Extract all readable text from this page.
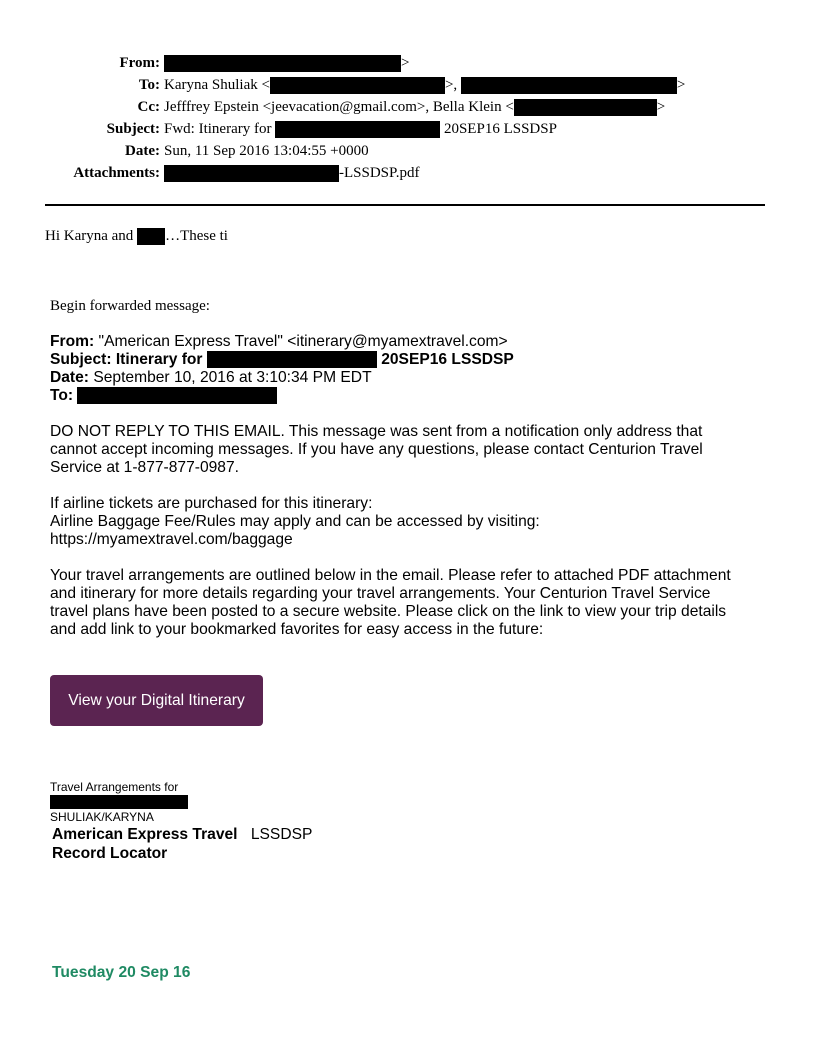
From:	>
To: Karyna Shuliak <	>,	>
Cc: Jefffrey Epstein <jeevacation@gmail.com>, Bella Klein <	>
Subject: Fwd: Itinerary for	20SEP16 LSSDSP
Date: Sun, 11 Sep 2016 13:04:55 +0000
Attachments:	-LSSDSP.pdf
Hi Karyna and …These ti
Begin forwarded message:
From: "American Express Travel" <itinerary@myamextravel.com>
Subject: Itinerary for	20SEP16 LSSDSP
Date: September 10, 2016 at 3:10:34 PM EDT
To:

DO NOT REPLY TO THIS EMAIL. This message was sent from a notification only address that

cannot accept incoming messages. If you have any questions, please contact Centurion Travel

Service at 1-877-877-0987.

If airline tickets are purchased for this itinerary:

Airline Baggage Fee/Rules may apply and can be accessed by visiting:

https://myamextravel.com/baggage

Your travel arrangements are outlined below in the email. Please refer to attached PDF attachment

and itinerary for more details regarding your travel arrangements. Your Centurion Travel Service

travel plans have been posted to a secure website. Please click on the link to view your trip details

and add link to your bookmarked favorites for easy access in the future:

View your Digital Itinerary
Travel Arrangements for
SHULIAK/KARYNA
American Express Travel LSSDSP
Record Locator
Tuesday 20 Sep 16
